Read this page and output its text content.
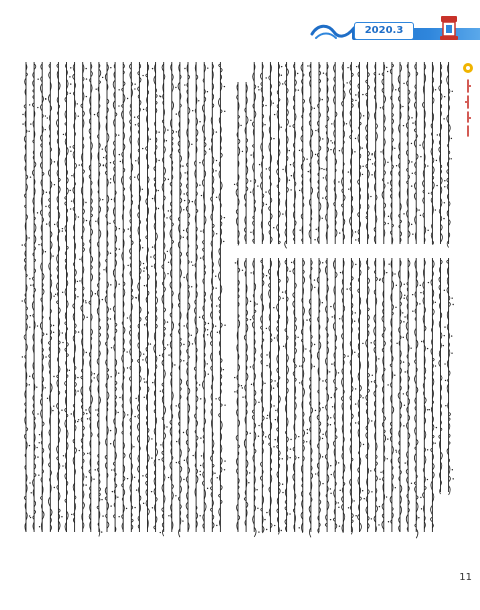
2020.3
11
